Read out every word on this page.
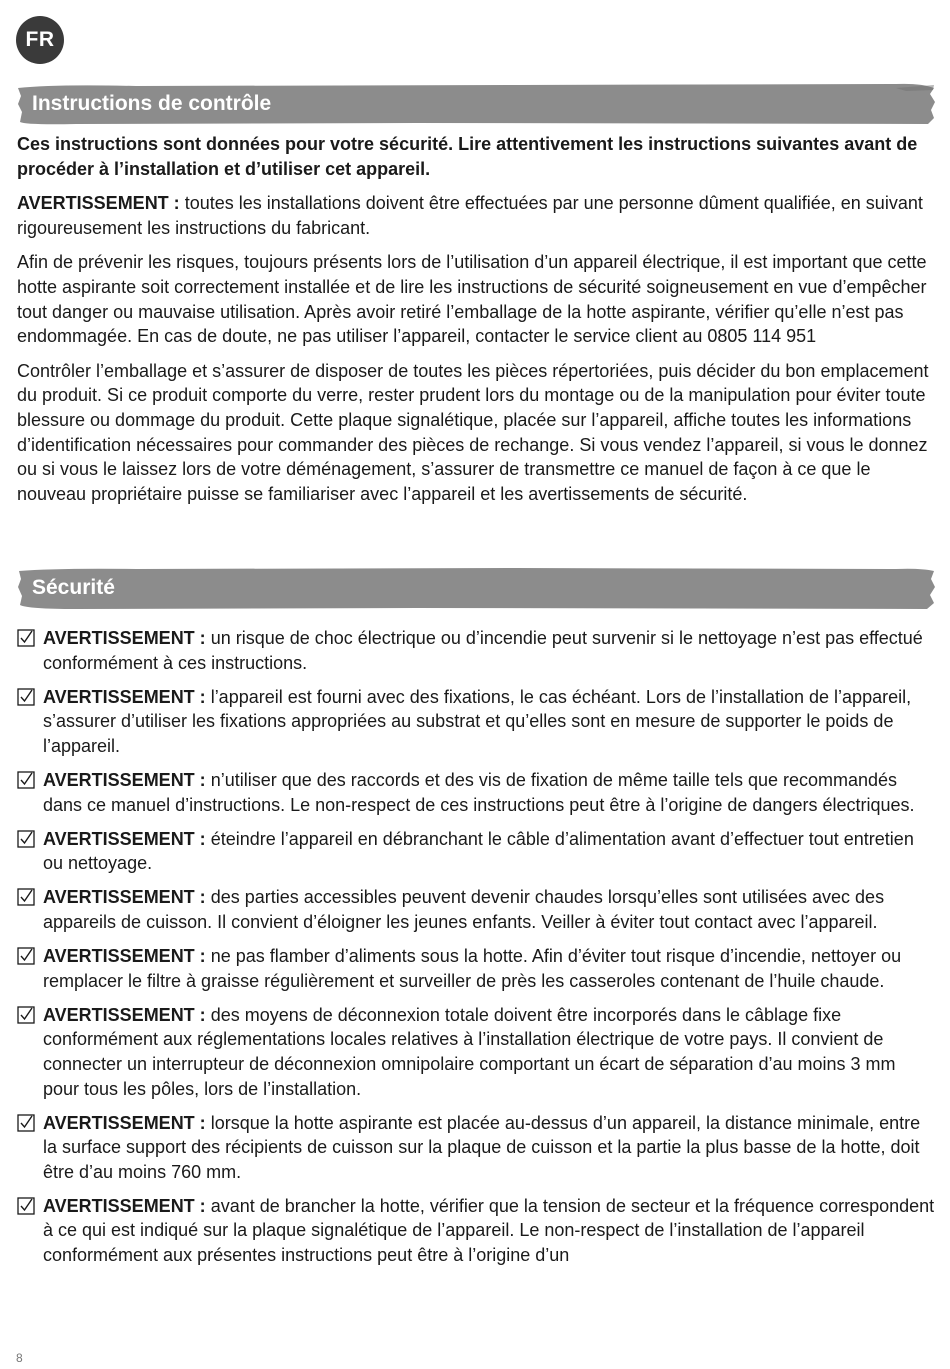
FR
Instructions de contrôle

Ces instructions sont données pour votre sécurité. Lire attentivement les instructions suivantes avant de procéder à l’installation et d’utiliser cet appareil.

AVERTISSEMENT : toutes les installations doivent être effectuées par une personne dûment qualifiée, en suivant rigoureusement les instructions du fabricant.

Afin de prévenir les risques, toujours présents lors de l’utilisation d’un appareil électrique, il est important que cette hotte aspirante soit correctement installée et de lire les instructions de sécurité soigneusement en vue d’empêcher tout danger ou mauvaise utilisation. Après avoir retiré l’emballage de la hotte aspirante, vérifier qu’elle n’est pas endommagée. En cas de doute, ne pas utiliser l’appareil, contacter le service client au 0805 114 951

Contrôler l’emballage et s’assurer de disposer de toutes les pièces répertoriées, puis décider du bon emplacement du produit. Si ce produit comporte du verre, rester prudent lors du montage ou de la manipulation pour éviter toute blessure ou dommage du produit. Cette plaque signalétique, placée sur l’appareil, affiche toutes les informations d’identification nécessaires pour commander des pièces de rechange. Si vous vendez l’appareil, si vous le donnez ou si vous le laissez lors de votre déménagement, s’assurer de transmettre ce manuel de façon à ce que le nouveau propriétaire puisse se familiariser avec l’appareil et les avertissements de sécurité.

Sécurité
AVERTISSEMENT : un risque de choc électrique ou d’incendie peut survenir si le nettoyage n’est pas effectué conformément à ces instructions.
AVERTISSEMENT : l’appareil est fourni avec des fixations, le cas échéant. Lors de l’installation de l’appareil, s’assurer d’utiliser les fixations appropriées au substrat et qu’elles sont en mesure de supporter le poids de l’appareil.
AVERTISSEMENT : n’utiliser que des raccords et des vis de fixation de même taille tels que recommandés dans ce manuel d’instructions. Le non-respect de ces instructions peut être à l’origine de dangers électriques.
AVERTISSEMENT : éteindre l’appareil en débranchant le câble d’alimentation avant d’effectuer tout entretien ou nettoyage.
AVERTISSEMENT : des parties accessibles peuvent devenir chaudes lorsqu’elles sont utilisées avec des appareils de cuisson. Il convient d’éloigner les jeunes enfants. Veiller à éviter tout contact avec l’appareil.
AVERTISSEMENT : ne pas flamber d’aliments sous la hotte. Afin d’éviter tout risque d’incendie, nettoyer ou remplacer le filtre à graisse régulièrement et surveiller de près les casseroles contenant de l’huile chaude.
AVERTISSEMENT : des moyens de déconnexion totale doivent être incorporés dans le câblage fixe conformément aux réglementations locales relatives à l’installation électrique de votre pays. Il convient de connecter un interrupteur de déconnexion omnipolaire comportant un écart de séparation d’au moins 3 mm pour tous les pôles, lors de l’installation.
AVERTISSEMENT : lorsque la hotte aspirante est placée au-dessus d’un appareil, la distance minimale, entre la surface support des récipients de cuisson sur la plaque de cuisson et la partie la plus basse de la hotte, doit être d’au moins 760 mm.
AVERTISSEMENT : avant de brancher la hotte, vérifier que la tension de secteur et la fréquence correspondent à ce qui est indiqué sur la plaque signalétique de l’appareil. Le non-respect de l’installation de l’appareil conformément aux présentes instructions peut être à l’origine d’un
8
